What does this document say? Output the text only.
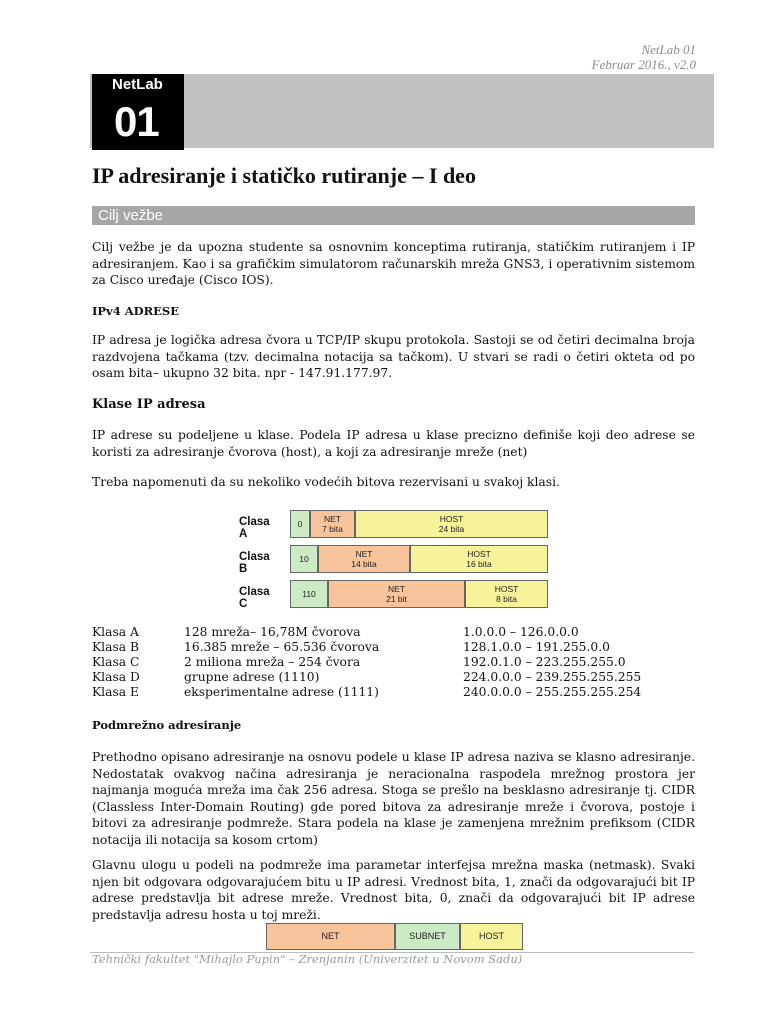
NetLab 01
Februar 2016., v2.0
NetLab
01
IP adresiranje i statičko rutiranje – I deo
Cilj vežbe
Cilj vežbe je da upozna studente sa osnovnim konceptima rutiranja, statičkim rutiranjem i IP adresiranjem. Kao i sa grafičkim simulatorom računarskih mreža GNS3, i operativnim sistemom za Cisco uređaje (Cisco IOS).
IPv4 ADRESE
IP adresa je logička adresa čvora u TCP/IP skupu protokola. Sastoji se od četiri decimalna broja razdvojena tačkama (tzv. decimalna notacija sa tačkom). U stvari se radi o četiri okteta od po osam bita– ukupno 32 bita. npr - 147.91.177.97.
Klase IP adresa
IP adrese su podeljene u klase. Podela IP adresa u klase precizno definiše koji deo adrese se koristi za adresiranje čvorova (host), a koji za adresiranje mreže (net)
Treba napomenuti da su nekoliko vodećih bitova rezervisani u svakoj klasi.
Clasa A
0	NET
7 bita
HOST
24 bita
Clasa B
10	NET
14 bita
HOST
16 bita
Clasa C
110	NET
21 bit
HOST
8 bita
Klasa A	128 mreža– 16,78M čvorova	1.0.0.0 – 126.0.0.0
Klasa B	16.385 mreže – 65.536 čvorova	128.1.0.0 – 191.255.0.0
Klasa C	2 miliona mreža – 254 čvora	192.0.1.0 – 223.255.255.0
Klasa D	grupne adrese (1110)	224.0.0.0 – 239.255.255.255
Klasa E	eksperimentalne adrese (1111)	240.0.0.0 – 255.255.255.254
Podmrežno adresiranje
Prethodno opisano adresiranje na osnovu podele u klase IP adresa naziva se klasno adresiranje. Nedostatak ovakvog načina adresiranja je neracionalna raspodela mrežnog prostora jer najmanja moguća mreža ima čak 256 adresa. Stoga se prešlo na besklasno adresiranje tj. CIDR (Classless Inter-Domain Routing) gde pored bitova za adresiranje mreže i čvorova, postoje i bitovi za adresiranje podmreže. Stara podela na klase je zamenjena mrežnim prefiksom (CIDR notacija ili notacija sa kosom crtom)
Glavnu ulogu u podeli na podmreže ima parametar interfejsa mrežna maska (netmask). Svaki njen bit odgovara odgovarajućem bitu u IP adresi. Vrednost bita, 1, znači da odgovarajući bit IP adrese predstavlja bit adrese mreže. Vrednost bita, 0, znači da odgovarajući bit IP adrese predstavlja adresu hosta u toj mreži.
NET	SUBNET	HOST
Tehnički fakultet "Mihajlo Pupin" – Zrenjanin (Univerzitet u Novom Sadu)
